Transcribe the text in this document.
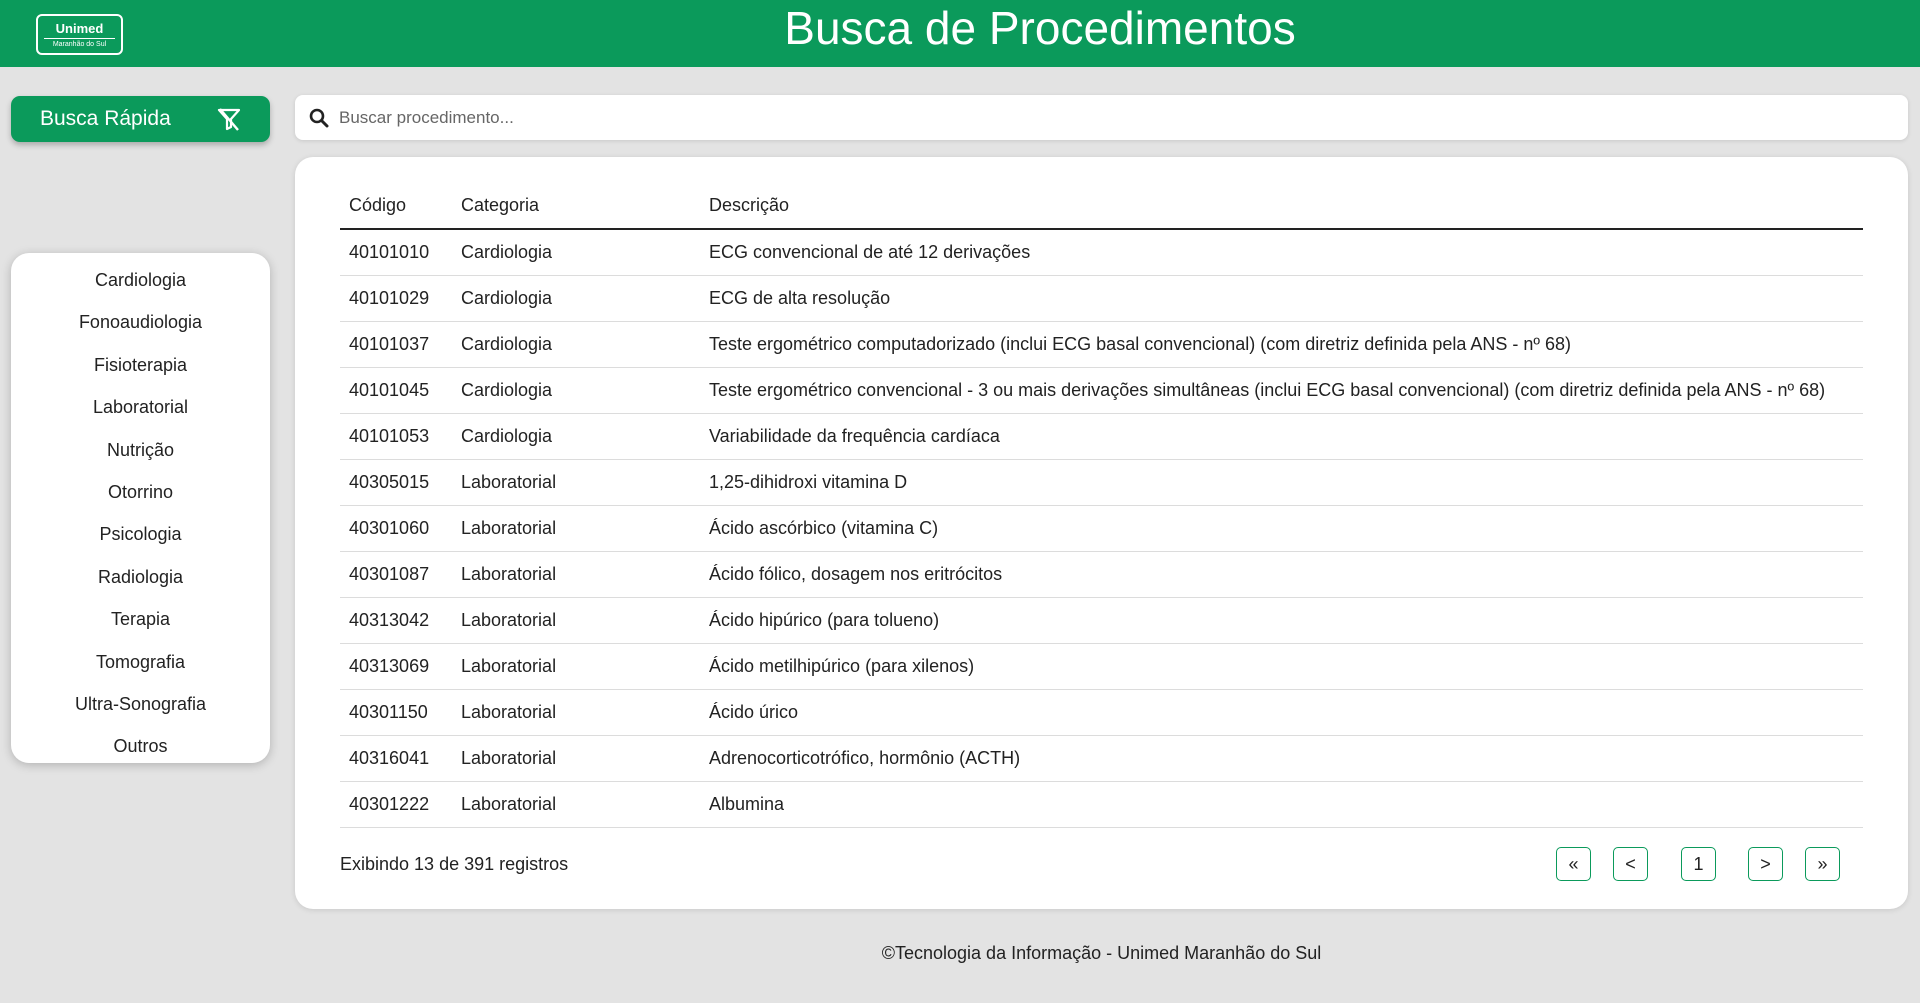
Unimed
Maranhão do Sul	Busca de Procedimentos
Busca Rápida
Buscar procedimento...
Cardiologia
Fonoaudiologia
Fisioterapia
Laboratorial
Nutrição
Otorrino
Psicologia
Radiologia
Terapia
Tomografia
Ultra-Sonografia
Outros
Código	Categoria	Descrição
40101010	Cardiologia	ECG convencional de até 12 derivações
40101029	Cardiologia	ECG de alta resolução
40101037	Cardiologia	Teste ergométrico computadorizado (inclui ECG basal convencional) (com diretriz definida pela ANS - nº 68)
40101045	Cardiologia	Teste ergométrico convencional - 3 ou mais derivações simultâneas (inclui ECG basal convencional) (com diretriz definida pela ANS - nº 68)
40101053	Cardiologia	Variabilidade da frequência cardíaca
40305015	Laboratorial	1,25-dihidroxi vitamina D
40301060	Laboratorial	Ácido ascórbico (vitamina C)
40301087	Laboratorial	Ácido fólico, dosagem nos eritrócitos
40313042	Laboratorial	Ácido hipúrico (para tolueno)
40313069	Laboratorial	Ácido metilhipúrico (para xilenos)
40301150	Laboratorial	Ácido úrico
40316041	Laboratorial	Adrenocorticotrófico, hormônio (ACTH)
40301222	Laboratorial	Albumina
Exibindo 13 de 391 registros	«	<	1	>	»
©Tecnologia da Informação - Unimed Maranhão do Sul
